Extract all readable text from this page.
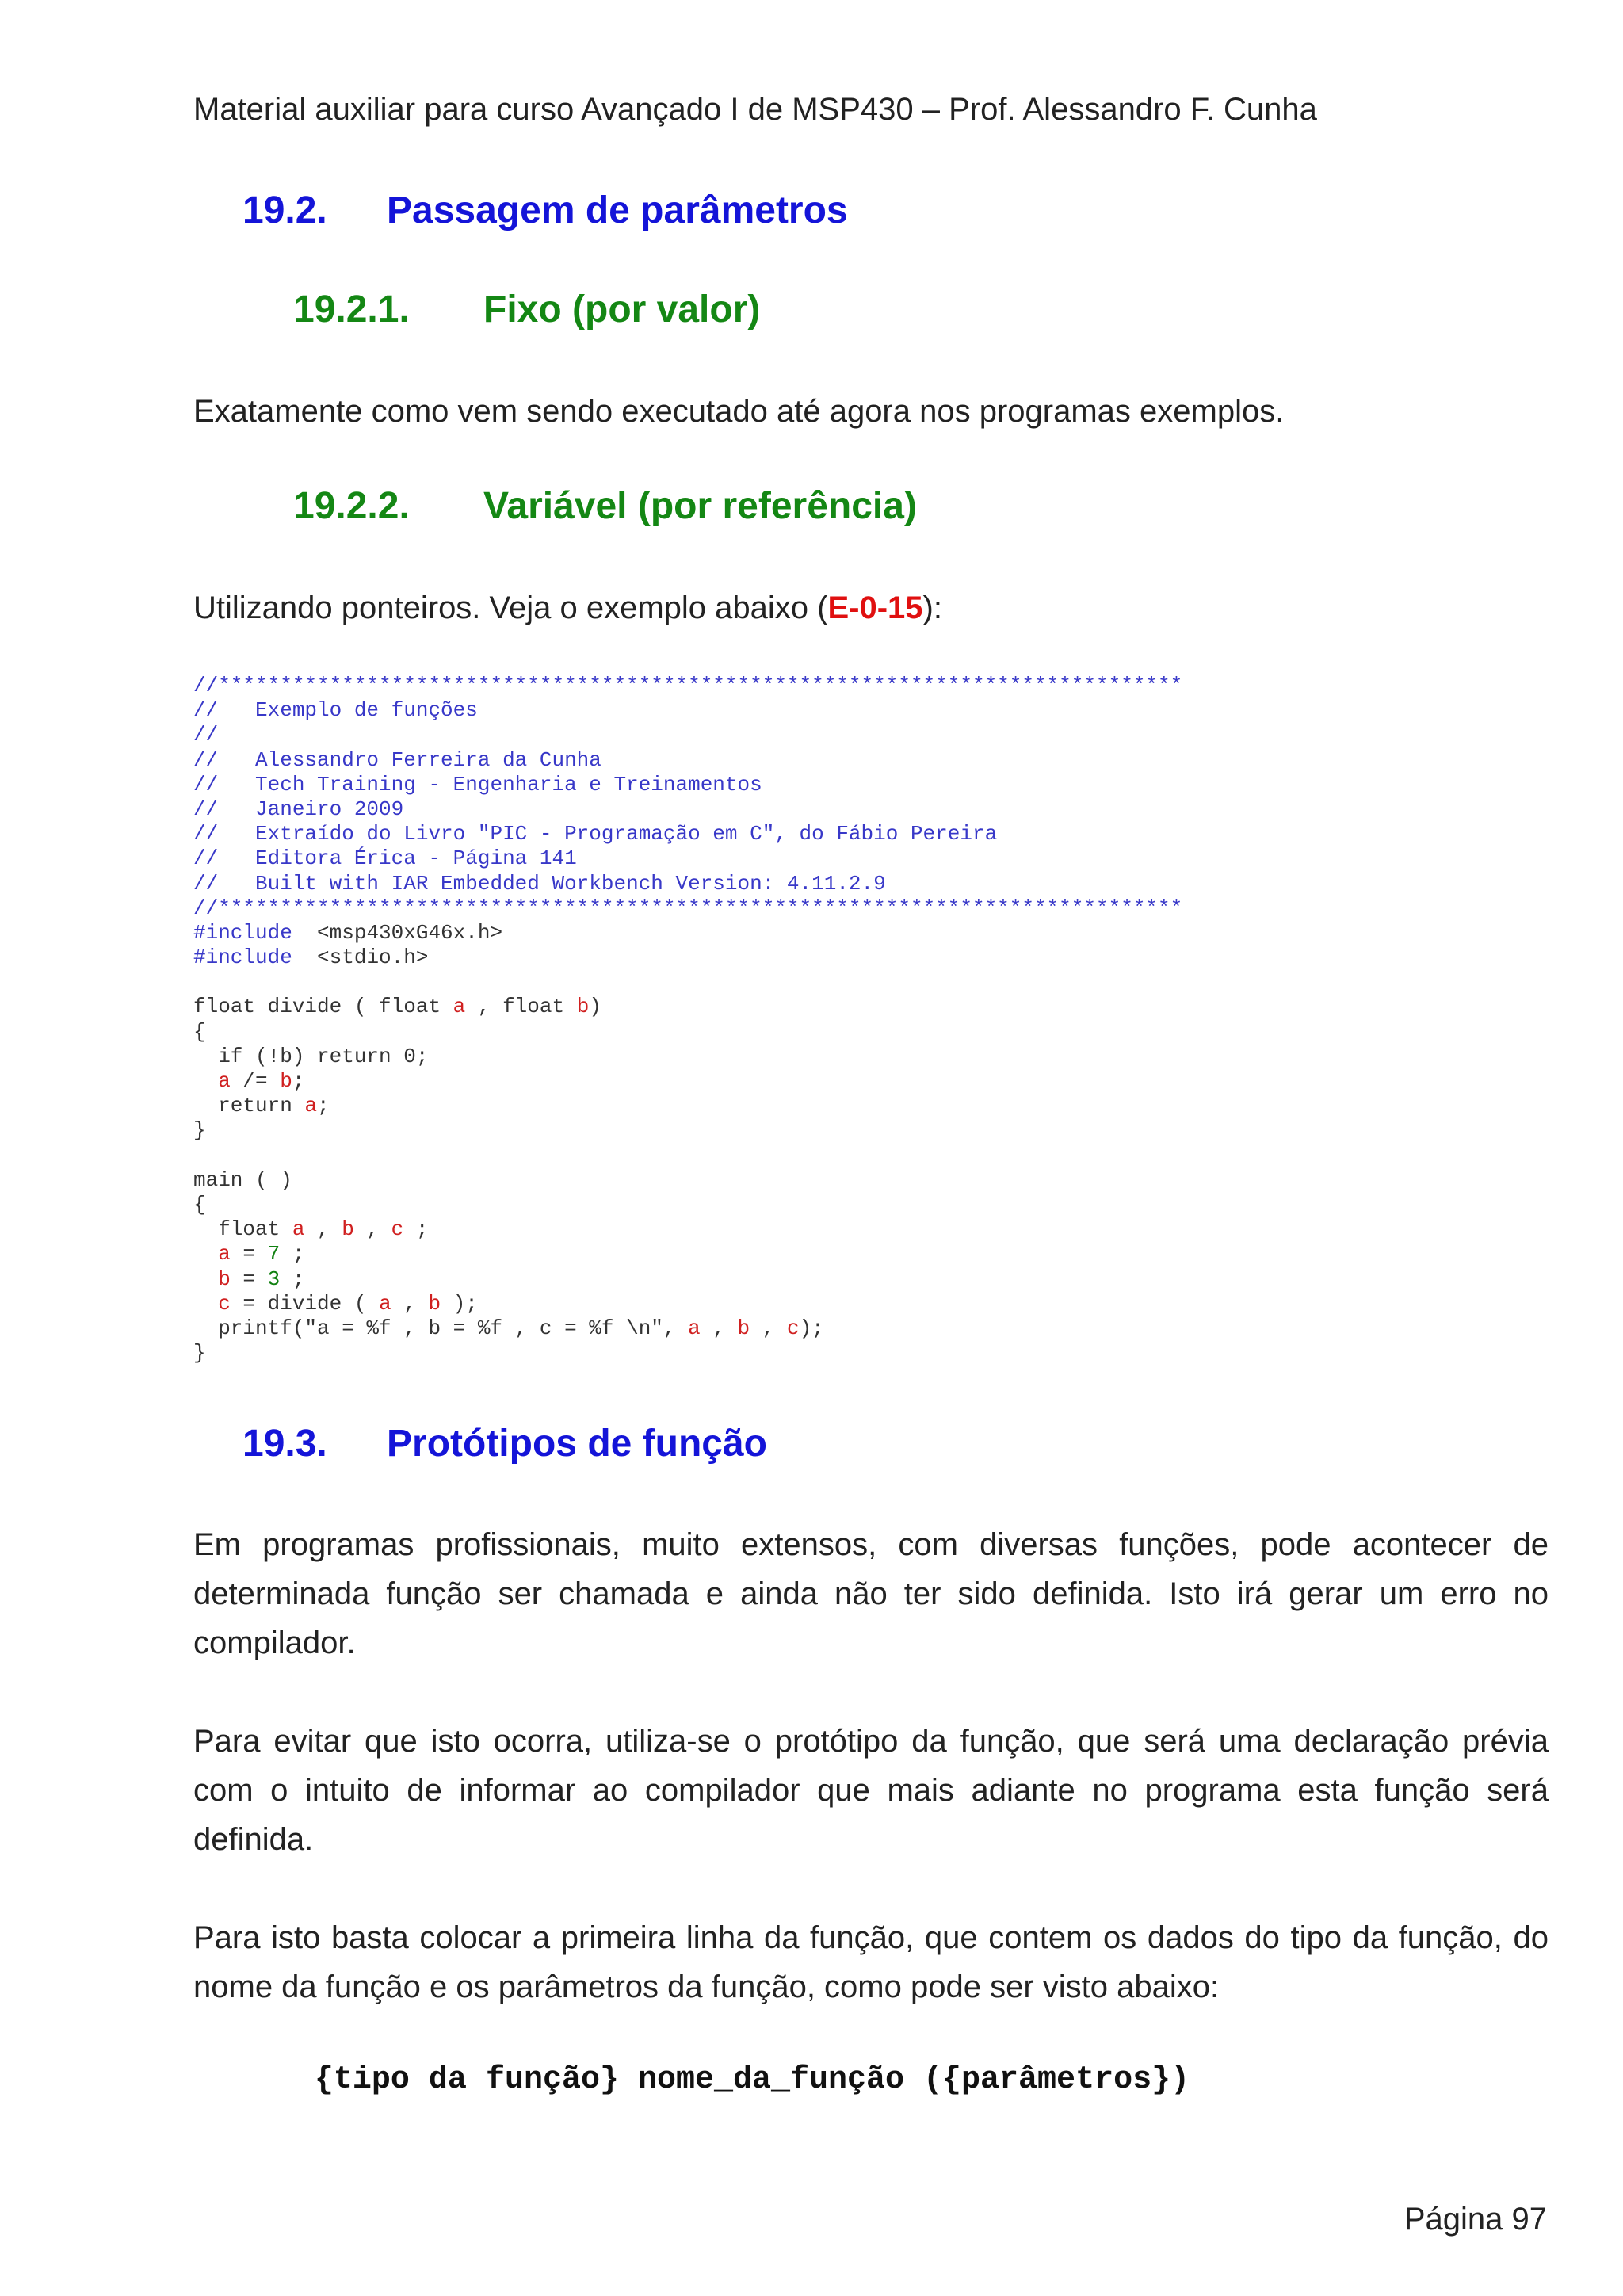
Material auxiliar para curso Avançado I de MSP430 – Prof. Alessandro F. Cunha
19.2. Passagem de parâmetros
19.2.1. Fixo (por valor)
Exatamente como vem sendo executado até agora nos programas exemplos.
19.2.2. Variável (por referência)
Utilizando ponteiros. Veja o exemplo abaixo (E-0-15):
//******************************************************************************
//   Exemplo de funções
//
//   Alessandro Ferreira da Cunha
//   Tech Training - Engenharia e Treinamentos
//   Janeiro 2009
//   Extraído do Livro "PIC - Programação em C", do Fábio Pereira
//   Editora Érica - Página 141
//   Built with IAR Embedded Workbench Version: 4.11.2.9
//******************************************************************************
#include  <msp430xG46x.h>
#include  <stdio.h>
float divide ( float a , float b)
{
if (!b) return 0;
a /= b;
return a;
}
main ( )
{
float a , b , c ;
a = 7 ;
b = 3 ;
c = divide ( a , b );
printf("a = %f , b = %f , c = %f \n", a , b , c);
}
19.3. Protótipos de função
Em programas profissionais, muito extensos, com diversas funções, pode acontecer de determinada função ser chamada e ainda não ter sido definida. Isto irá gerar um erro no compilador.
Para evitar que isto ocorra, utiliza-se o protótipo da função, que será uma declaração prévia com o intuito de informar ao compilador que mais adiante no programa esta função será definida.
Para isto basta colocar a primeira linha da função, que contem os dados do tipo da função, do nome da função e os parâmetros da função, como pode ser visto abaixo:
{tipo da função} nome_da_função ({parâmetros})
Página 97
